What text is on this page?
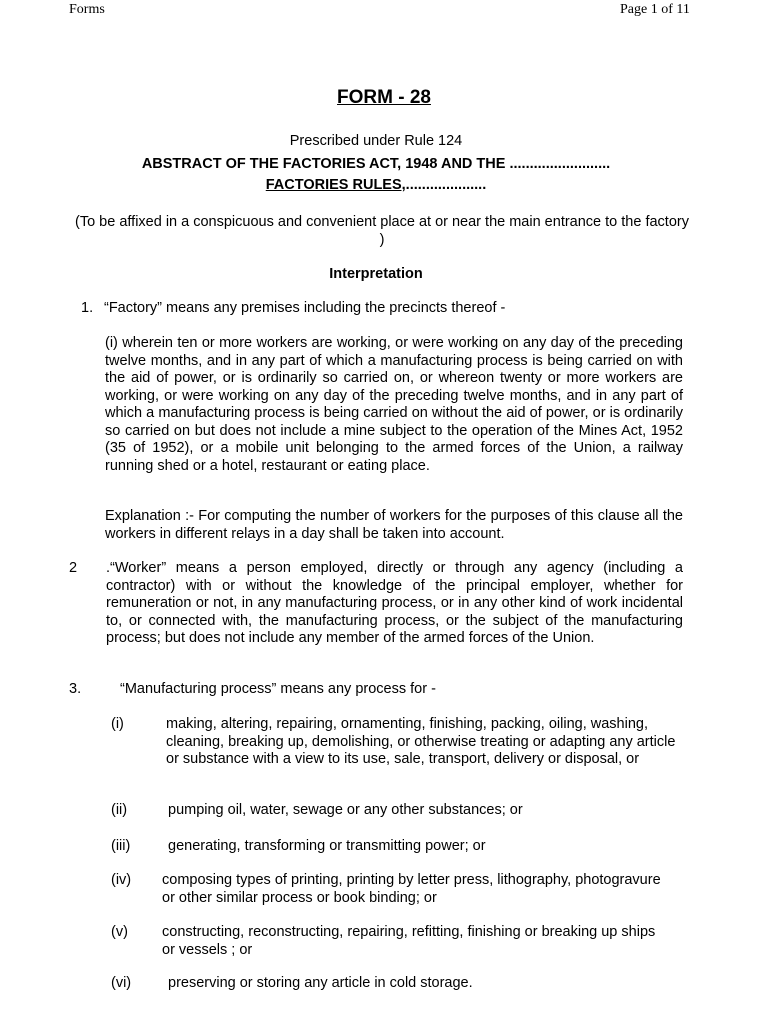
Forms	Page 1 of 11
FORM - 28
Prescribed under Rule 124
ABSTRACT OF THE FACTORIES ACT, 1948 AND THE .........................
FACTORIES RULES,....................
(To be affixed in a conspicuous and convenient place at or near the main entrance to the factory )
Interpretation
1. “Factory” means any premises including the precincts thereof -
(i) wherein ten or more workers are working, or were working on any day of the preceding twelve months, and in any part of which a manufacturing process is being carried on with the aid of power, or is ordinarily so carried on, or whereon twenty or more workers are working, or were working on any day of the preceding twelve months, and in any part of which a manufacturing process is being carried on without the aid of power, or is ordinarily so carried on but does not include a mine subject to the operation of the Mines Act, 1952 (35 of 1952), or a mobile unit belonging to the armed forces of the Union, a railway running shed or a hotel, restaurant or eating place.
Explanation :- For computing the number of workers for the purposes of this clause all the workers in different relays in a day shall be taken into account.
2 .“Worker” means a person employed, directly or through any agency (including a contractor) with or without the knowledge of the principal employer, whether for remuneration or not, in any manufacturing process, or in any other kind of work incidental to, or connected with, the manufacturing process, or the subject of the manufacturing process; but does not include any member of the armed forces of the Union.
3.	“Manufacturing process” means any process for -
(i)	making, altering, repairing, ornamenting, finishing, packing, oiling, washing, cleaning, breaking up, demolishing, or otherwise treating or adapting any article or substance with a view to its use, sale, transport, delivery or disposal, or
(ii)	pumping oil, water, sewage or any other substances; or
(iii)	generating, transforming or transmitting power; or
(iv) composing types of printing, printing by letter press, lithography, photogravure or other similar process or book binding; or
(v) constructing, reconstructing, repairing, refitting, finishing or breaking up ships or vessels ; or
(vi)	preserving or storing any article in cold storage.
